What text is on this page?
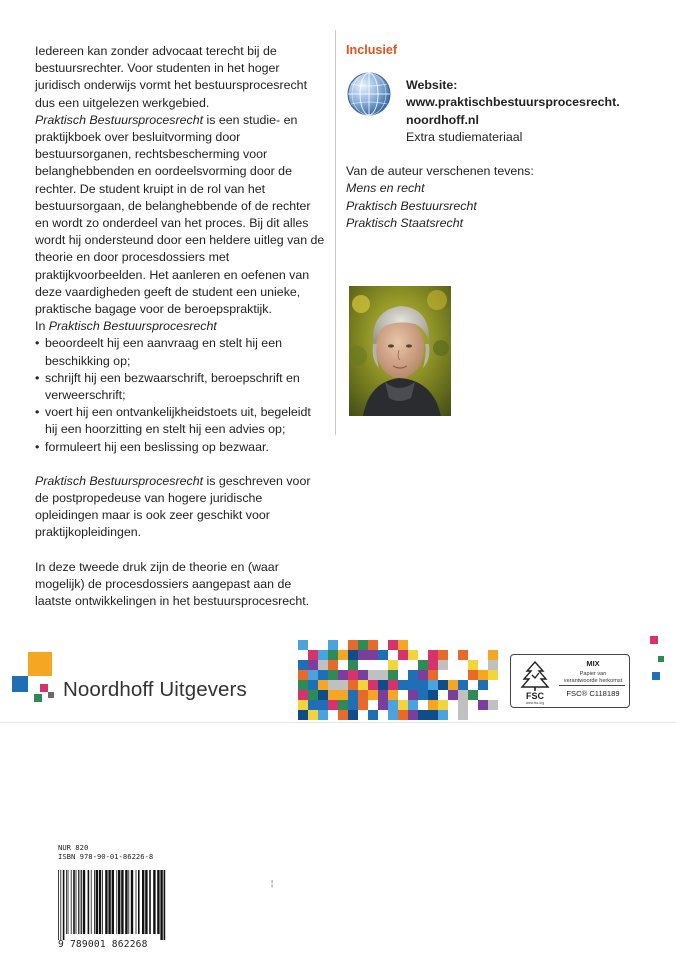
Iedereen kan zonder advocaat terecht bij de bestuursrechter. Voor studenten in het hoger juridisch onderwijs vormt het bestuursprocesrecht dus een uitgelezen werkgebied.

Praktisch Bestuursprocesrecht is een studie- en praktijkboek over besluitvorming door bestuursorganen, rechtsbescherming voor belanghebbenden en oordeelsvorming door de rechter. De student kruipt in de rol van het bestuursorgaan, de belanghebbende of de rechter en wordt zo onderdeel van het proces. Bij dit alles wordt hij ondersteund door een heldere uitleg van de theorie en door procesdossiers met praktijkvoorbeelden. Het aanleren en oefenen van deze vaardigheden geeft de student een unieke, praktische bagage voor de beroepspraktijk.

In Praktisch Bestuursprocesrecht

• beoordeelt hij een aanvraag en stelt hij een beschikking op;
• schrijft hij een bezwaarschrift, beroepschrift en verweerschrift;
• voert hij een ontvankelijkheidstoets uit, begeleidt hij een hoorzitting en stelt hij een advies op;
• formuleert hij een beslissing op bezwaar.

Praktisch Bestuursprocesrecht is geschreven voor de postpropedeuse van hogere juridische opleidingen maar is ook zeer geschikt voor praktijkopleidingen.

In deze tweede druk zijn de theorie en (waar mogelijk) de procesdossiers aangepast aan de laatste ontwikkelingen in het bestuursprocesrecht.

Inclusief
Website:
www.praktischbestuursprocesrecht.
noordhoff.nl
Extra studiemateriaal
Van de auteur verschenen tevens:
Mens en recht
Praktisch Bestuursrecht
Praktisch Staatsrecht
Noordhoff Uitgevers	FSC
www.fsc.org
MIX
Papier van
verantwoorde herkomst
FSC® C118189
NUR 820
ISBN 978-90-01-86226-8
9 789001 862268
¦
